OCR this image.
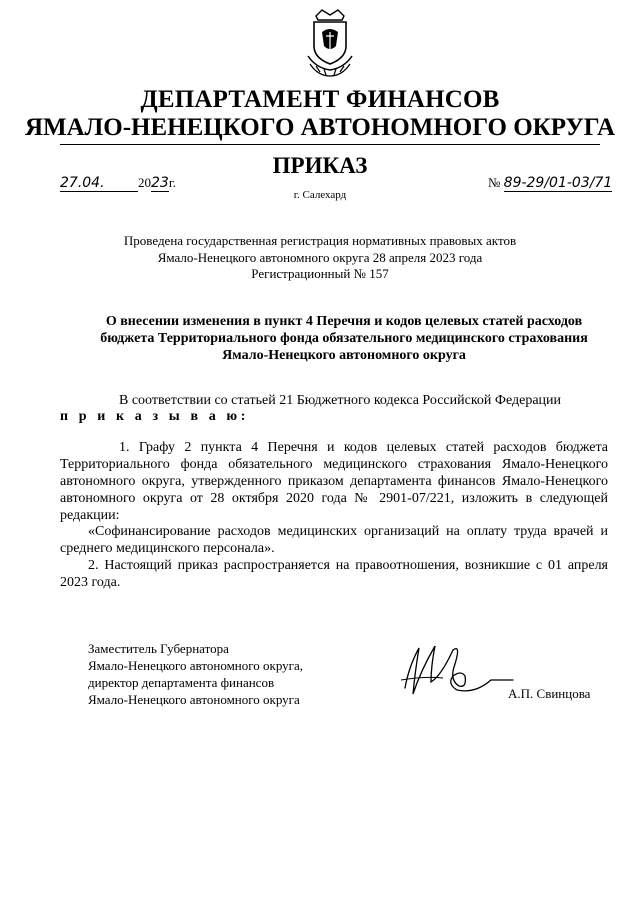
ДЕПАРТАМЕНТ ФИНАНСОВ
ЯМАЛО-НЕНЕЦКОГО АВТОНОМНОГО ОКРУГА
ПРИКАЗ
27.04.	2023г.	№ 89-29/01-03/71
г. Салехард
Проведена государственная регистрация нормативных правовых актов
Ямало-Ненецкого автономного округа 28 апреля 2023 года
Регистрационный № 157
О внесении изменения в пункт 4 Перечня и кодов целевых статей расходов бюджета Территориального фонда обязательного медицинского страхования Ямало-Ненецкого автономного округа
В соответствии со статьей 21 Бюджетного кодекса Российской Федерации
п р и к а з ы в а ю:
1. Графу 2 пункта 4 Перечня и кодов целевых статей расходов бюджета Территориального фонда обязательного медицинского страхования Ямало-Ненецкого автономного округа, утвержденного приказом департамента финансов Ямало-Ненецкого автономного округа от 28 октября 2020 года № 2901-07/221, изложить в следующей редакции:
«Софинансирование расходов медицинских организаций на оплату труда врачей и среднего медицинского персонала».
2. Настоящий приказ распространяется на правоотношения, возникшие с 01 апреля 2023 года.
Заместитель Губернатора
Ямало-Ненецкого автономного округа,
директор департамента финансов
Ямало-Ненецкого автономного округа	А.П. Свинцова
